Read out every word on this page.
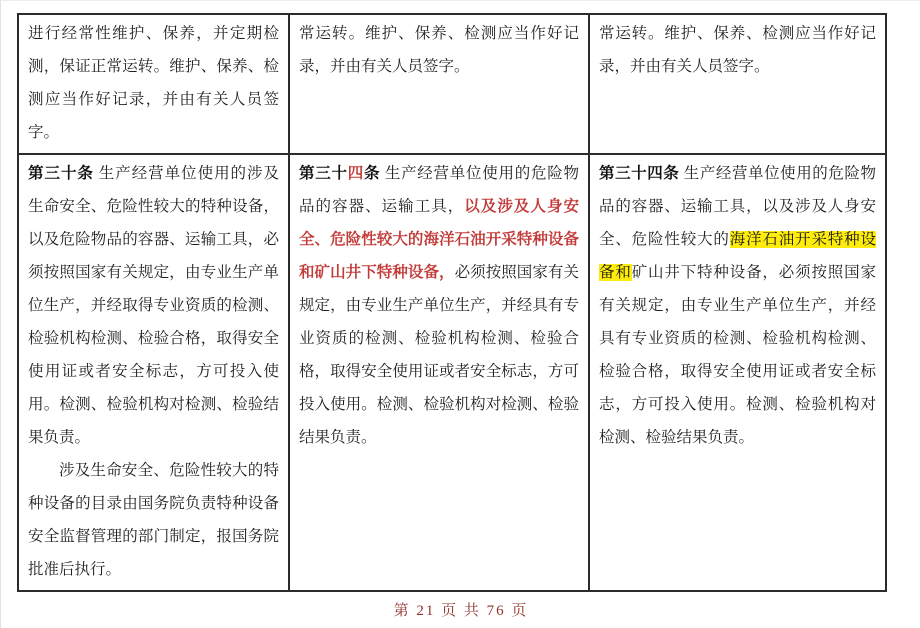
进行经常性维护、保养，并定期检测，保证正常运转。维护、保养、检测应当作好记录，并由有关人员签字。	常运转。维护、保养、检测应当作好记录，并由有关人员签字。	常运转。维护、保养、检测应当作好记录，并由有关人员签字。

第三十条 生产经营单位使用的涉及生命安全、危险性较大的特种设备，以及危险物品的容器、运输工具，必须按照国家有关规定，由专业生产单位生产，并经取得专业资质的检测、检验机构检测、检验合格，取得安全使用证或者安全标志，方可投入使用。检测、检验机构对检测、检验结果负责。
涉及生命安全、危险性较大的特种设备的目录由国务院负责特种设备安全监督管理的部门制定，报国务院批准后执行。	第三十四条 生产经营单位使用的危险物品的容器、运输工具，以及涉及人身安全、危险性较大的海洋石油开采特种设备和矿山井下特种设备，必须按照国家有关规定，由专业生产单位生产，并经具有专业资质的检测、检验机构检测、检验合格，取得安全使用证或者安全标志，方可投入使用。检测、检验机构对检测、检验结果负责。	第三十四条 生产经营单位使用的危险物品的容器、运输工具，以及涉及人身安全、危险性较大的海洋石油开采特种设备和矿山井下特种设备，必须按照国家有关规定，由专业生产单位生产，并经具有专业资质的检测、检验机构检测、检验合格，取得安全使用证或者安全标志，方可投入使用。检测、检验机构对检测、检验结果负责。
第 21 页 共 76 页
